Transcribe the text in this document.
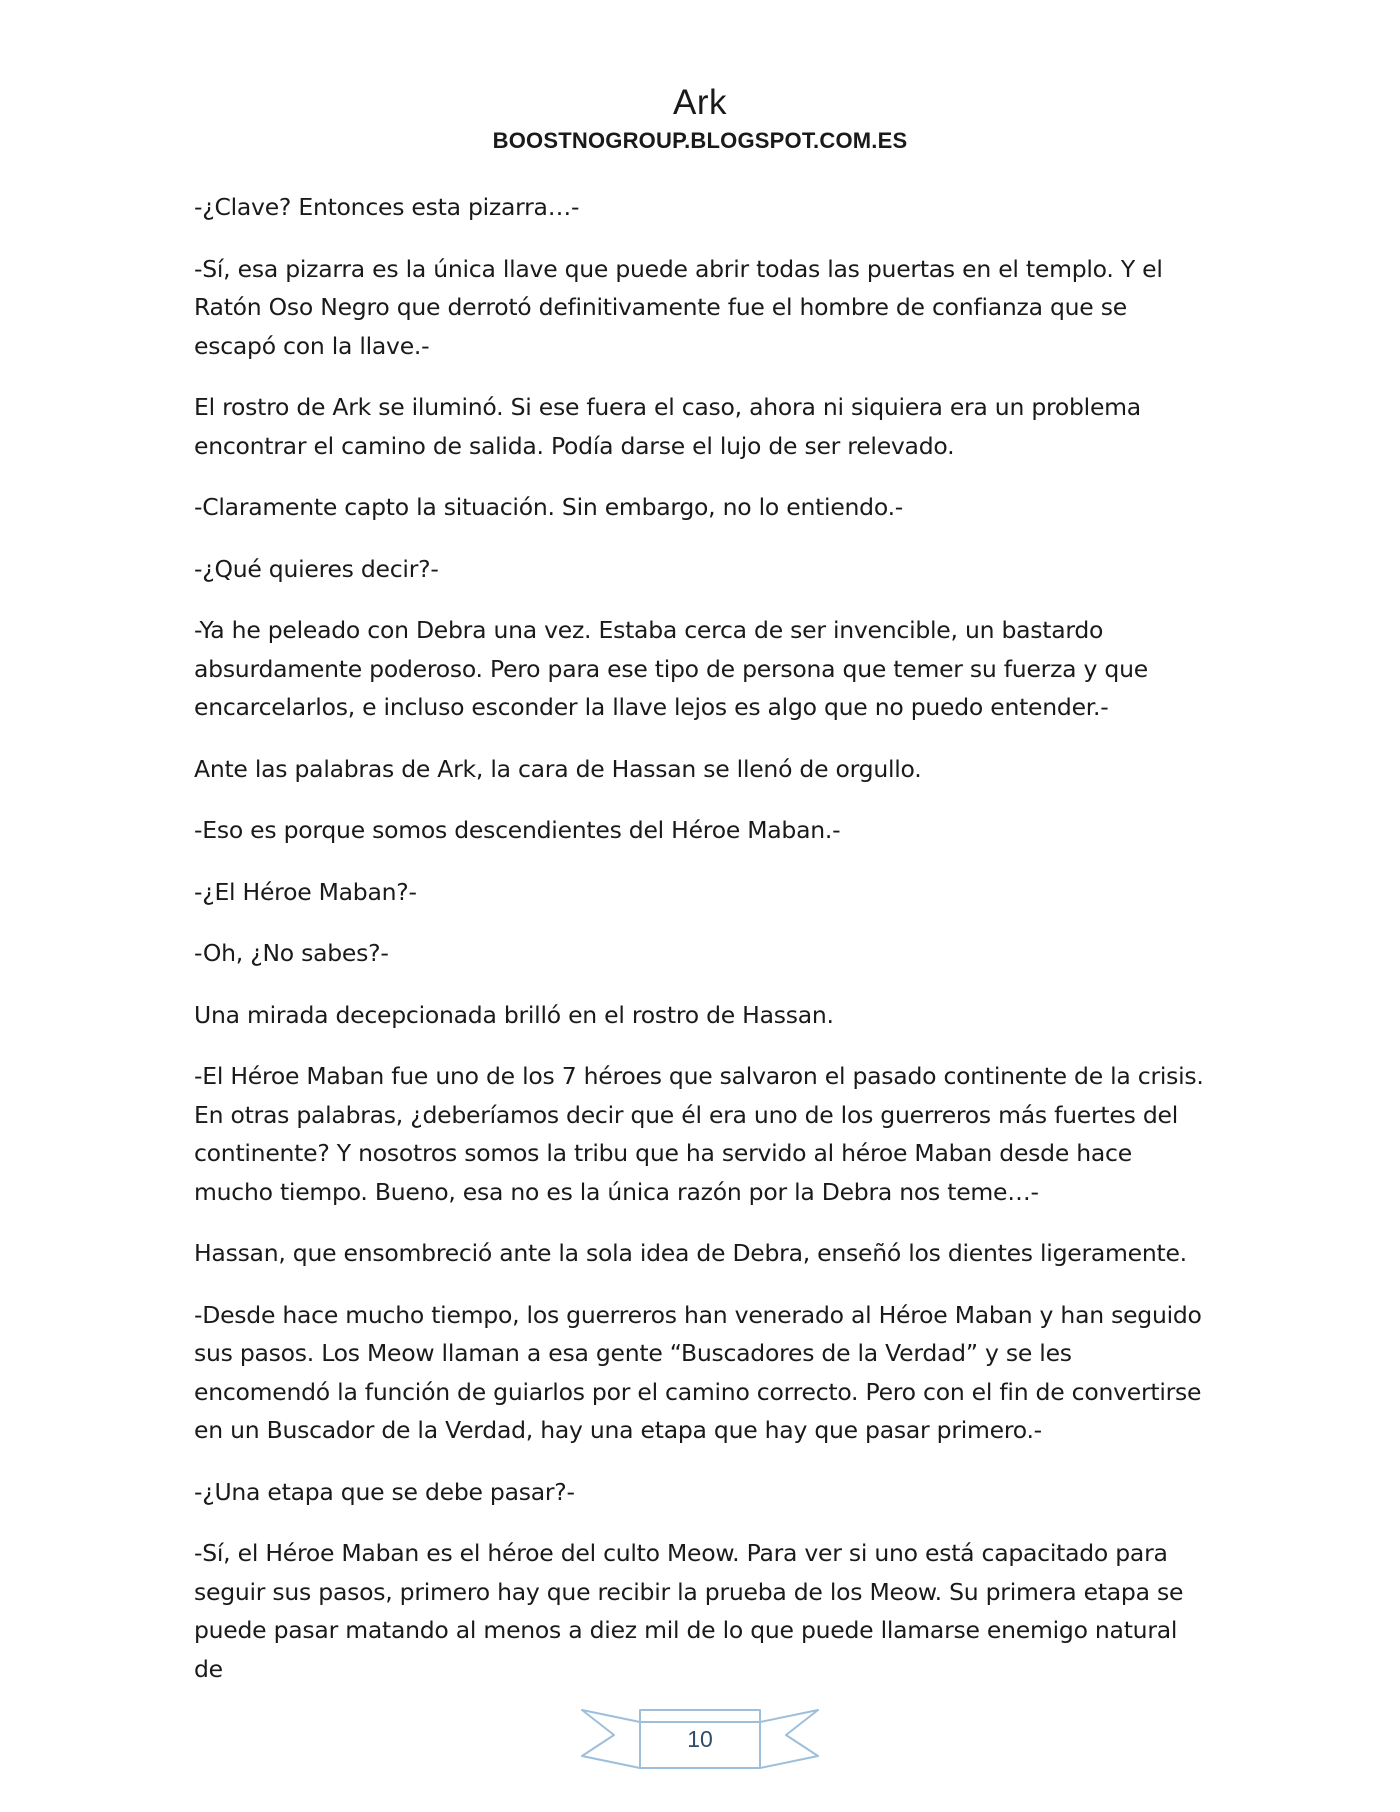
Ark
BOOSTNOGROUP.BLOGSPOT.COM.ES

-¿Clave? Entonces esta pizarra…-

-Sí, esa pizarra es la única llave que puede abrir todas las puertas en el templo. Y el Ratón Oso Negro que derrotó definitivamente fue el hombre de confianza que se escapó con la llave.-

El rostro de Ark se iluminó. Si ese fuera el caso, ahora ni siquiera era un problema encontrar el camino de salida. Podía darse el lujo de ser relevado.

-Claramente capto la situación. Sin embargo, no lo entiendo.-

-¿Qué quieres decir?-

-Ya he peleado con Debra una vez. Estaba cerca de ser invencible, un bastardo absurdamente poderoso. Pero para ese tipo de persona que temer su fuerza y que encarcelarlos, e incluso esconder la llave lejos es algo que no puedo entender.-

Ante las palabras de Ark, la cara de Hassan se llenó de orgullo.

-Eso es porque somos descendientes del Héroe Maban.-

-¿El Héroe Maban?-

-Oh, ¿No sabes?-

Una mirada decepcionada brilló en el rostro de Hassan.

-El Héroe Maban fue uno de los 7 héroes que salvaron el pasado continente de la crisis. En otras palabras, ¿deberíamos decir que él era uno de los guerreros más fuertes del continente? Y nosotros somos la tribu que ha servido al héroe Maban desde hace mucho tiempo. Bueno, esa no es la única razón por la Debra nos teme…-

Hassan, que ensombreció ante la sola idea de Debra, enseñó los dientes ligeramente.

-Desde hace mucho tiempo, los guerreros han venerado al Héroe Maban y han seguido sus pasos. Los Meow llaman a esa gente “Buscadores de la Verdad” y se les encomendó la función de guiarlos por el camino correcto. Pero con el fin de convertirse en un Buscador de la Verdad, hay una etapa que hay que pasar primero.-

-¿Una etapa que se debe pasar?-

-Sí, el Héroe Maban es el héroe del culto Meow. Para ver si uno está capacitado para seguir sus pasos, primero hay que recibir la prueba de los Meow. Su primera etapa se puede pasar matando al menos a diez mil de lo que puede llamarse enemigo natural de

10
